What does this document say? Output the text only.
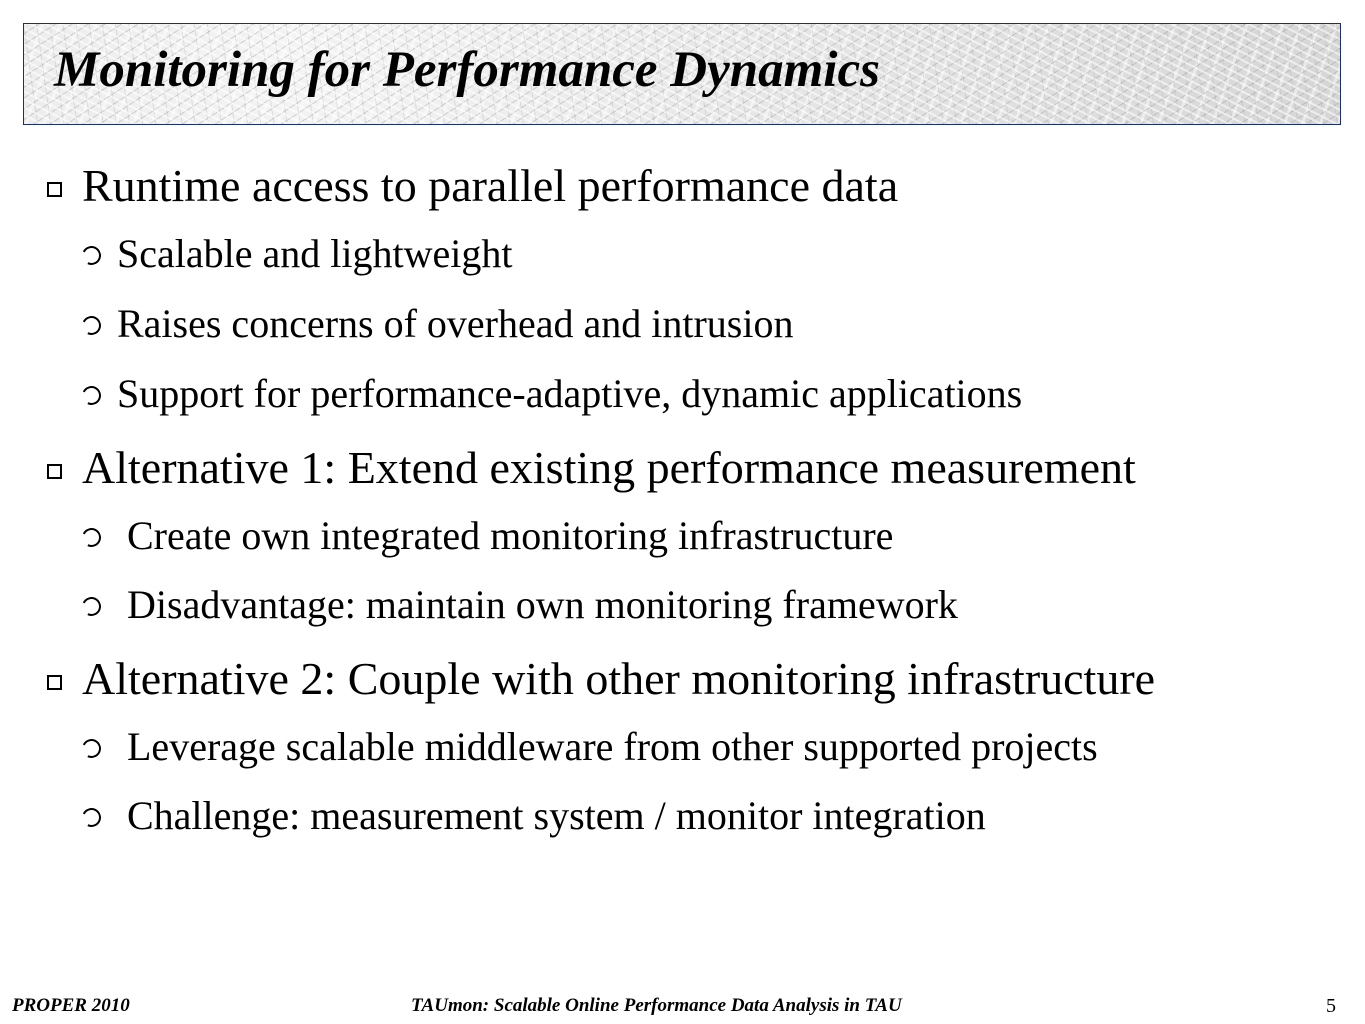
Monitoring for Performance Dynamics
Runtime access to parallel performance data
Scalable and lightweight
Raises concerns of overhead and intrusion
Support for performance-adaptive, dynamic applications
Alternative 1: Extend existing performance measurement
Create own integrated monitoring infrastructure
Disadvantage: maintain own monitoring framework
Alternative 2: Couple with other monitoring infrastructure
Leverage scalable middleware from other supported projects
Challenge: measurement system / monitor integration
PROPER 2010	TAUmon: Scalable Online Performance Data Analysis in TAU	5
